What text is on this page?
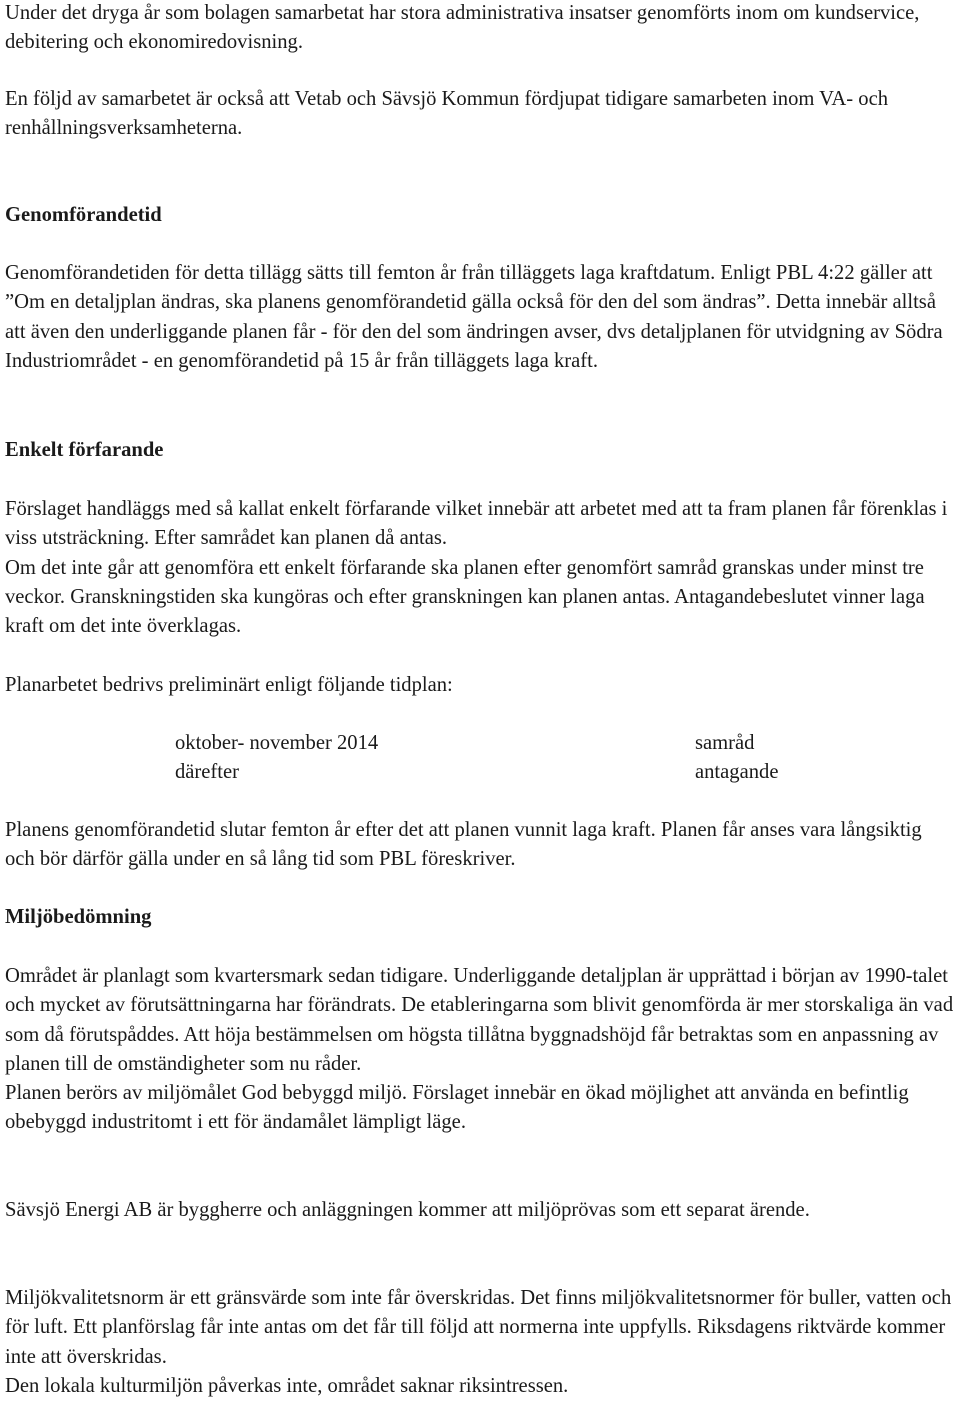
Under det dryga år som bolagen samarbetat har stora administrativa insatser genomförts inom om kundservice, debitering och ekonomiredovisning.

En följd av samarbetet är också att Vetab och Sävsjö Kommun fördjupat tidigare samarbeten inom VA- och renhållningsverksamheterna.

Genomförandetid

Genomförandetiden för detta tillägg sätts till femton år från tilläggets laga kraftdatum. Enligt PBL 4:22 gäller att ”Om en detaljplan ändras, ska planens genomförandetid gälla också för den del som ändras”. Detta innebär alltså att även den underliggande planen får - för den del som ändringen avser, dvs detaljplanen för utvidgning av Södra Industriområdet - en genomförandetid på 15 år från tilläggets laga kraft.

Enkelt förfarande

Förslaget handläggs med så kallat enkelt förfarande vilket innebär att arbetet med att ta fram planen får förenklas i viss utsträckning. Efter samrådet kan planen då antas.

Om det inte går att genomföra ett enkelt förfarande ska planen efter genomfört samråd granskas under minst tre veckor. Granskningstiden ska kungöras och efter granskningen kan planen antas. Antagandebeslutet vinner laga kraft om det inte överklagas.

Planarbetet bedrivs preliminärt enligt följande tidplan:

oktober- november 2014	samråd
därefter	antagande

Planens genomförandetid slutar femton år efter det att planen vunnit laga kraft. Planen får anses vara långsiktig och bör därför gälla under en så lång tid som PBL föreskriver.

Miljöbedömning

Området är planlagt som kvartersmark sedan tidigare. Underliggande detaljplan är upprättad i början av 1990-talet och mycket av förutsättningarna har förändrats. De etableringarna som blivit genomförda är mer storskaliga än vad som då förutspåddes. Att höja bestämmelsen om högsta tillåtna byggnadshöjd får betraktas som en anpassning av planen till de omständigheter som nu råder.

Planen berörs av miljömålet God bebyggd miljö. Förslaget innebär en ökad möjlighet att använda en befintlig obebyggd industritomt i ett för ändamålet lämpligt läge.

Sävsjö Energi AB är byggherre och anläggningen kommer att miljöprövas som ett separat ärende.

Miljökvalitetsnorm är ett gränsvärde som inte får överskridas. Det finns miljökvalitetsnormer för buller, vatten och för luft. Ett planförslag får inte antas om det får till följd att normerna inte uppfylls. Riksdagens riktvärde kommer inte att överskridas.

Den lokala kulturmiljön påverkas inte, området saknar riksintressen.
